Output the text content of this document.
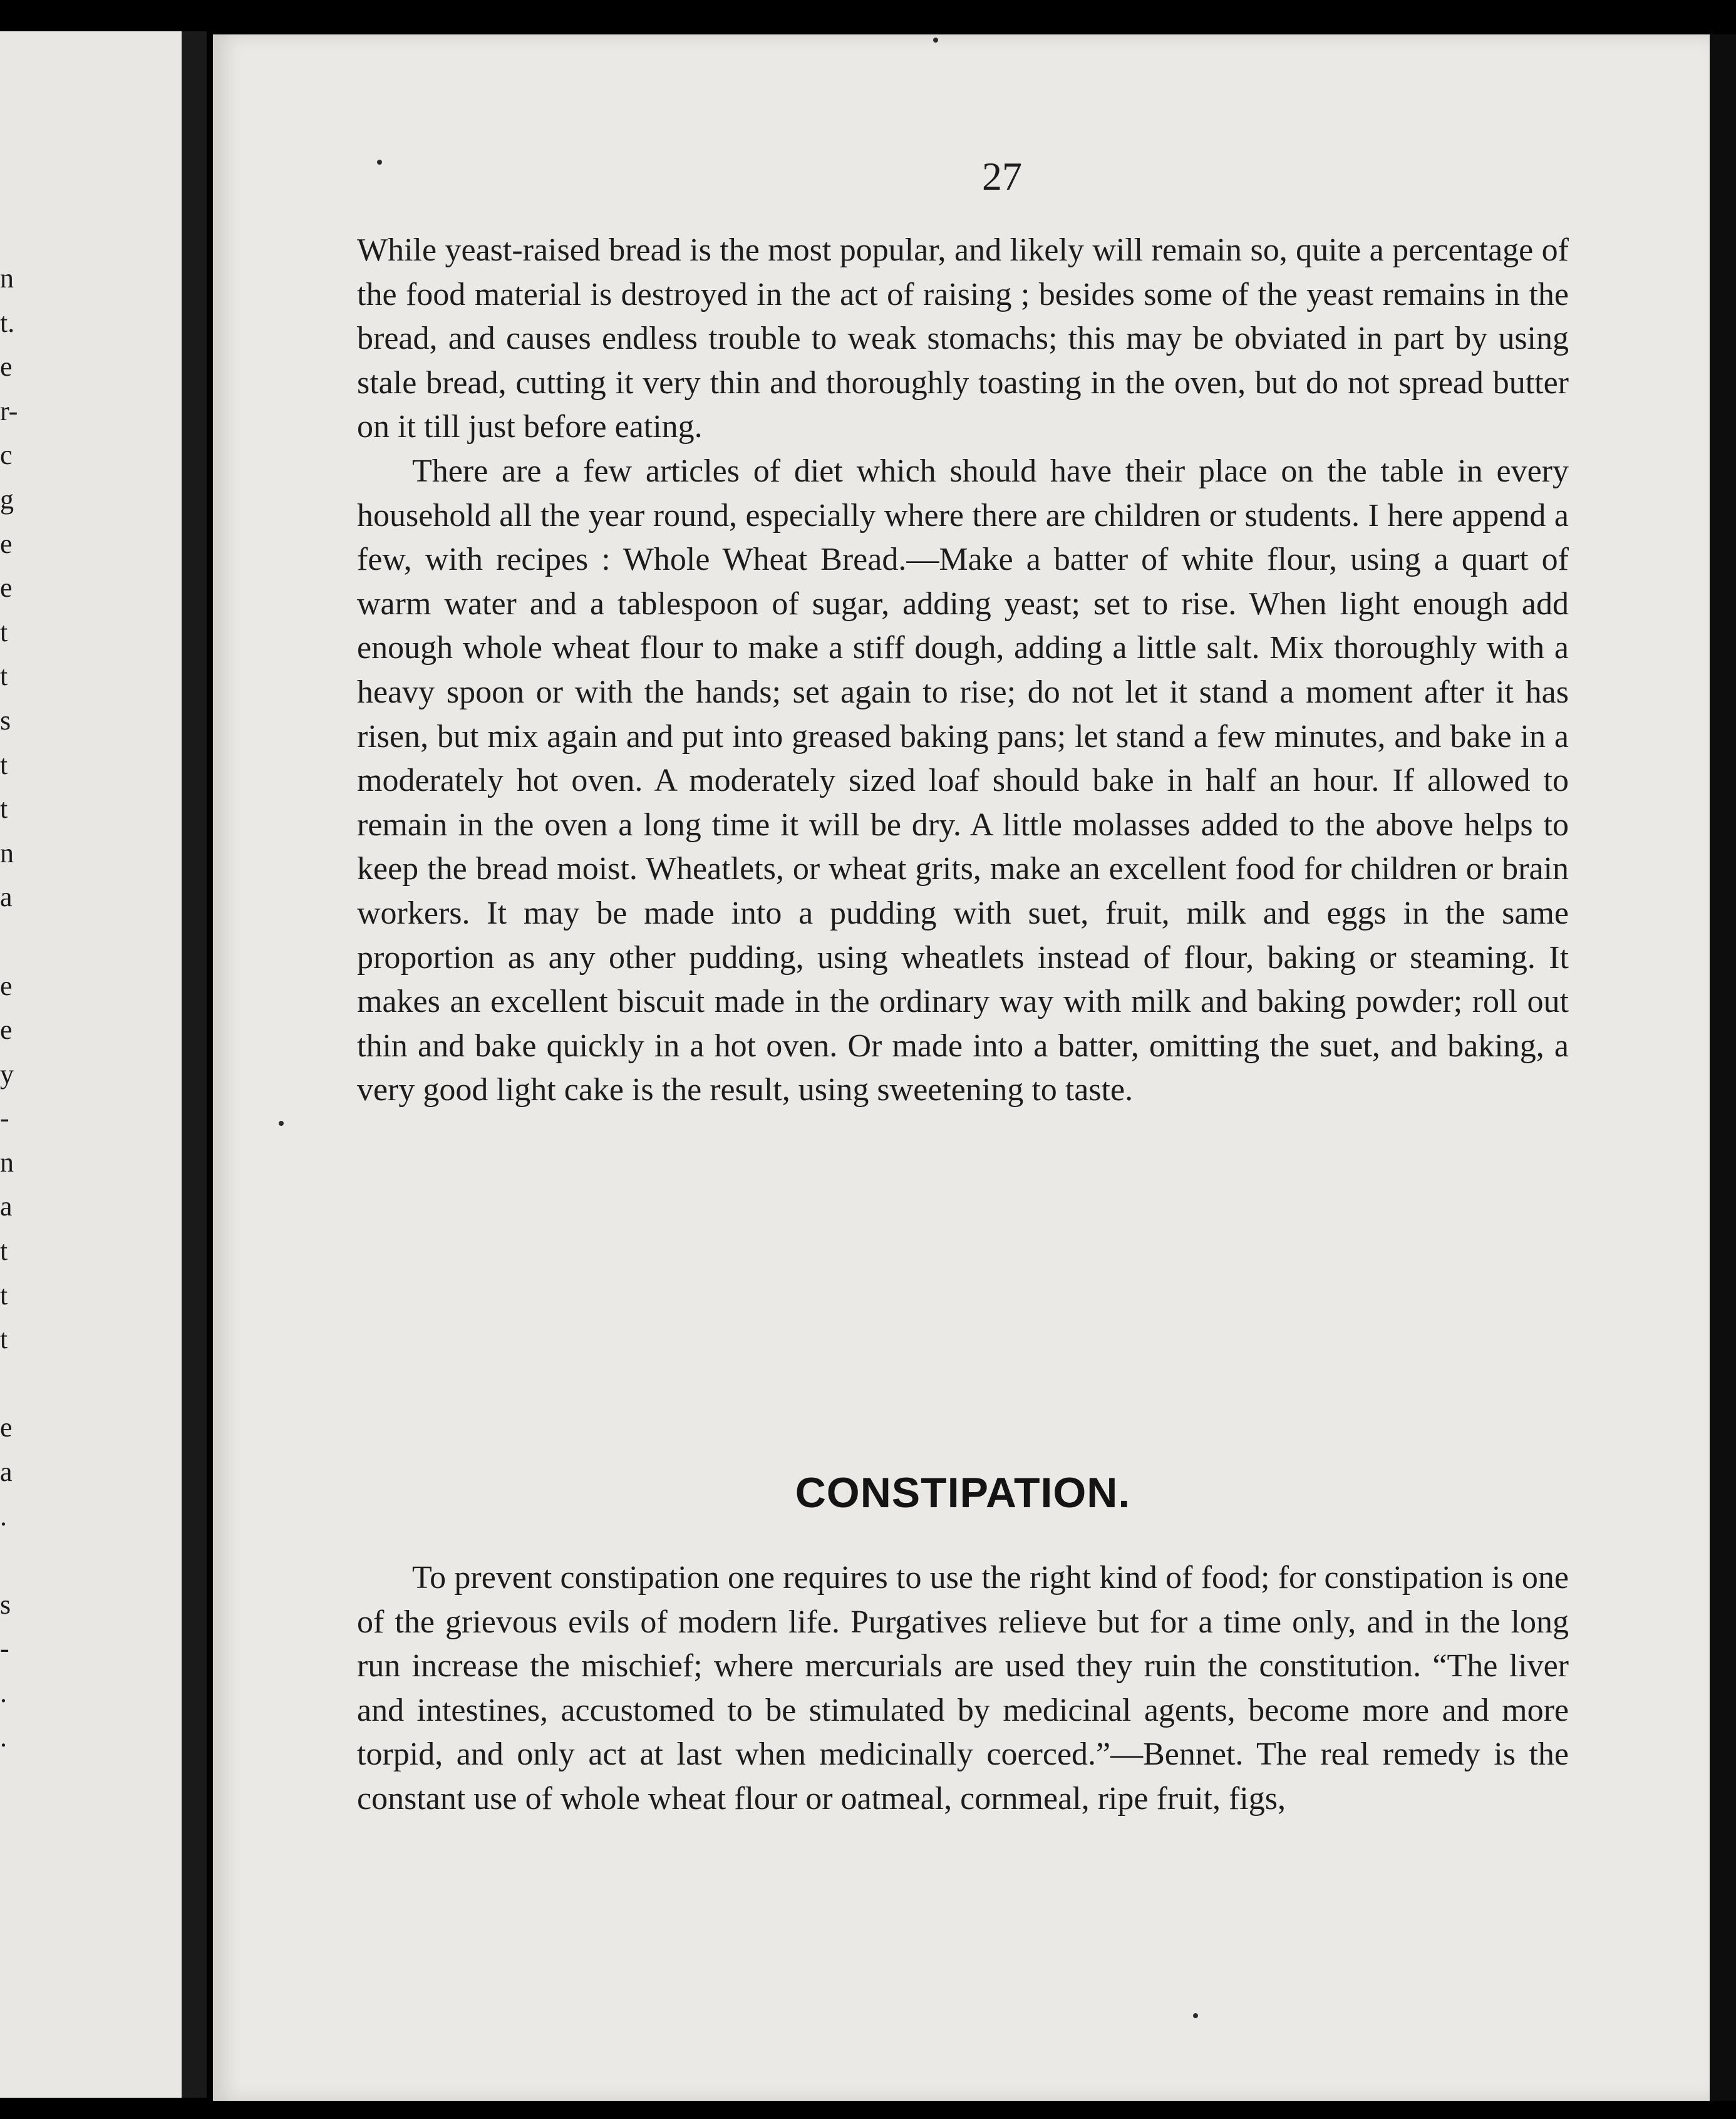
n
t.
e
r-
c
g
e
e
t
t
s
t
t
n
a
e
e
y
-
n
a
t
t
t
e
a
.
s
-
.
.
27

While yeast-raised bread is the most popular, and likely will remain so, quite a percentage of the food material is destroyed in the act of raising ; besides some of the yeast remains in the bread, and causes endless trouble to weak stomachs; this may be obviated in part by using stale bread, cutting it very thin and thoroughly toasting in the oven, but do not spread butter on it till just before eating.

There are a few articles of diet which should have their place on the table in every household all the year round, especially where there are children or students. I here append a few, with recipes : Whole Wheat Bread.—Make a batter of white flour, using a quart of warm water and a tablespoon of sugar, adding yeast; set to rise. When light enough add enough whole wheat flour to make a stiff dough, adding a little salt. Mix thoroughly with a heavy spoon or with the hands; set again to rise; do not let it stand a moment after it has risen, but mix again and put into greased baking pans; let stand a few minutes, and bake in a moderately hot oven. A moderately sized loaf should bake in half an hour. If allowed to remain in the oven a long time it will be dry. A little molasses added to the above helps to keep the bread moist. Wheatlets, or wheat grits, make an excellent food for children or brain workers. It may be made into a pudding with suet, fruit, milk and eggs in the same proportion as any other pudding, using wheatlets instead of flour, baking or steaming. It makes an excellent biscuit made in the ordinary way with milk and baking powder; roll out thin and bake quickly in a hot oven. Or made into a batter, omitting the suet, and baking, a very good light cake is the result, using sweetening to taste.

CONSTIPATION.

To prevent constipation one requires to use the right kind of food; for constipation is one of the grievous evils of modern life. Purgatives relieve but for a time only, and in the long run increase the mischief; where mercurials are used they ruin the constitution. “The liver and intestines, accustomed to be stimulated by medicinal agents, become more and more torpid, and only act at last when medicinally coerced.”—Bennet. The real remedy is the constant use of whole wheat flour or oatmeal, cornmeal, ripe fruit, figs,
